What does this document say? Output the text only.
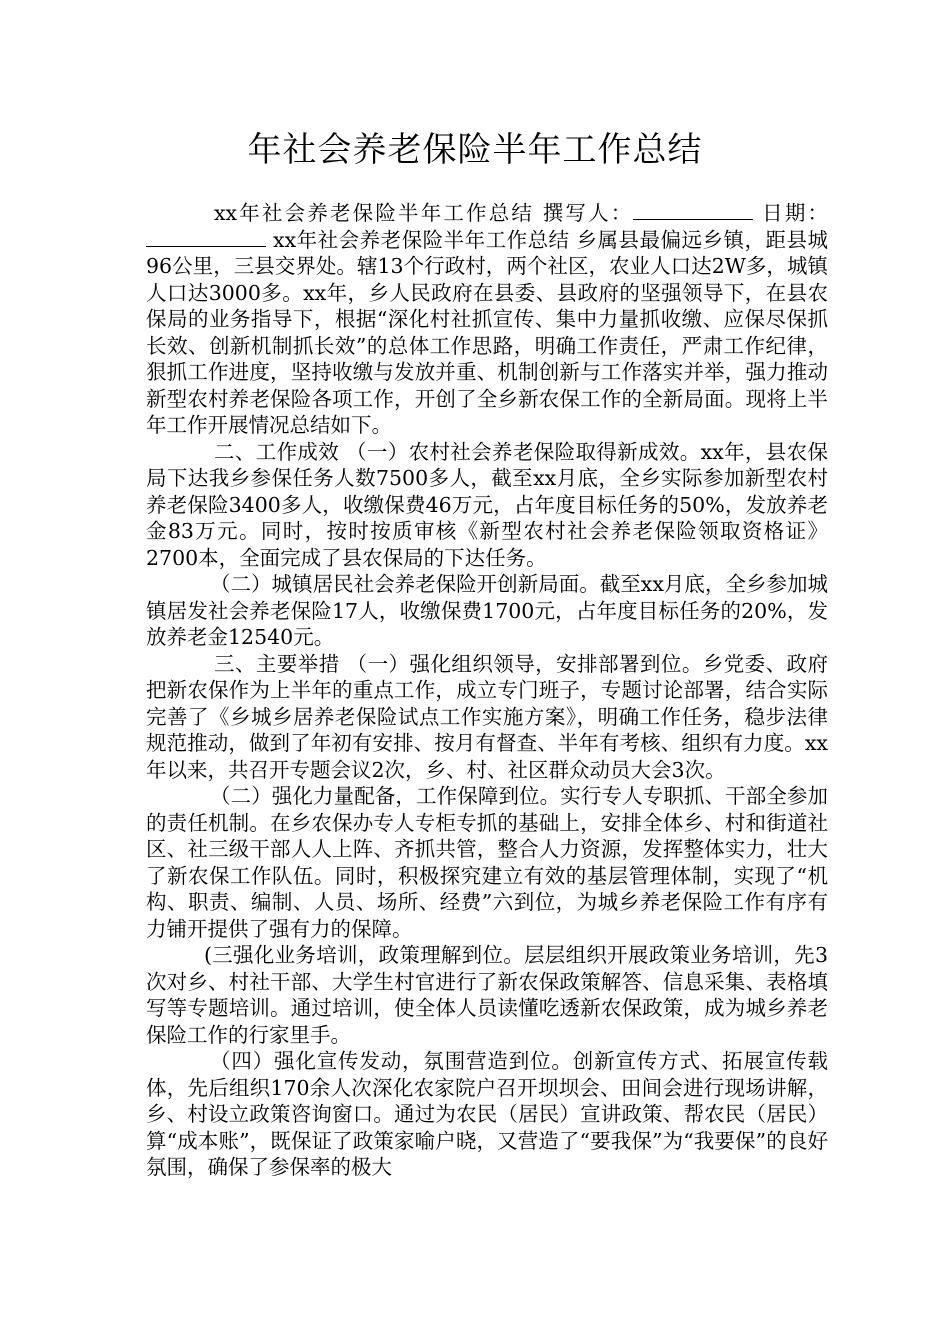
年社会养老保险半年工作总结

xx年社会养老保险半年工作总结 撰写人：	日期： xx年社会养老保险半年工作总结 乡属县最偏远乡镇，距县城96公里，三县交界处。辖13个行政村，两个社区，农业人口达2W多，城镇人口达3000多。xx年，乡人民政府在县委、县政府的坚强领导下，在县农保局的业务指导下，根据“深化村社抓宣传、集中力量抓收缴、应保尽保抓长效、创新机制抓长效”的总体工作思路，明确工作责任，严肃工作纪律，狠抓工作进度，坚持收缴与发放并重、机制创新与工作落实并举，强力推动新型农村养老保险各项工作，开创了全乡新农保工作的全新局面。现将上半年工作开展情况总结如下。

二、工作成效 （一）农村社会养老保险取得新成效。xx年，县农保局下达我乡参保任务人数7500多人，截至xx月底，全乡实际参加新型农村养老保险3400多人，收缴保费46万元，占年度目标任务的50%，发放养老金83万元。同时，按时按质审核《新型农村社会养老保险领取资格证》2700本，全面完成了县农保局的下达任务。

（二）城镇居民社会养老保险开创新局面。截至xx月底，全乡参加城镇居发社会养老保险17人，收缴保费1700元，占年度目标任务的20%，发放养老金12540元。

三、主要举措 （一）强化组织领导，安排部署到位。乡党委、政府把新农保作为上半年的重点工作，成立专门班子，专题讨论部署，结合实际完善了《乡城乡居养老保险试点工作实施方案》，明确工作任务，稳步法律规范推动，做到了年初有安排、按月有督查、半年有考核、组织有力度。xx年以来，共召开专题会议2次，乡、村、社区群众动员大会3次。

（二）强化力量配备，工作保障到位。实行专人专职抓、干部全参加的责任机制。在乡农保办专人专柜专抓的基础上，安排全体乡、村和街道社区、社三级干部人人上阵、齐抓共管，整合人力资源，发挥整体实力，壮大了新农保工作队伍。同时，积极探究建立有效的基层管理体制，实现了“机构、职责、编制、人员、场所、经费”六到位，为城乡养老保险工作有序有力铺开提供了强有力的保障。

(三强化业务培训，政策理解到位。层层组织开展政策业务培训，先3次对乡、村社干部、大学生村官进行了新农保政策解答、信息采集、表格填写等专题培训。通过培训，使全体人员读懂吃透新农保政策，成为城乡养老保险工作的行家里手。

（四）强化宣传发动，氛围营造到位。创新宣传方式、拓展宣传载体，先后组织170余人次深化农家院户召开坝坝会、田间会进行现场讲解，乡、村设立政策咨询窗口。通过为农民（居民）宣讲政策、帮农民（居民）算“成本账”，既保证了政策家喻户晓，又营造了“要我保”为“我要保”的良好氛围，确保了参保率的极大
